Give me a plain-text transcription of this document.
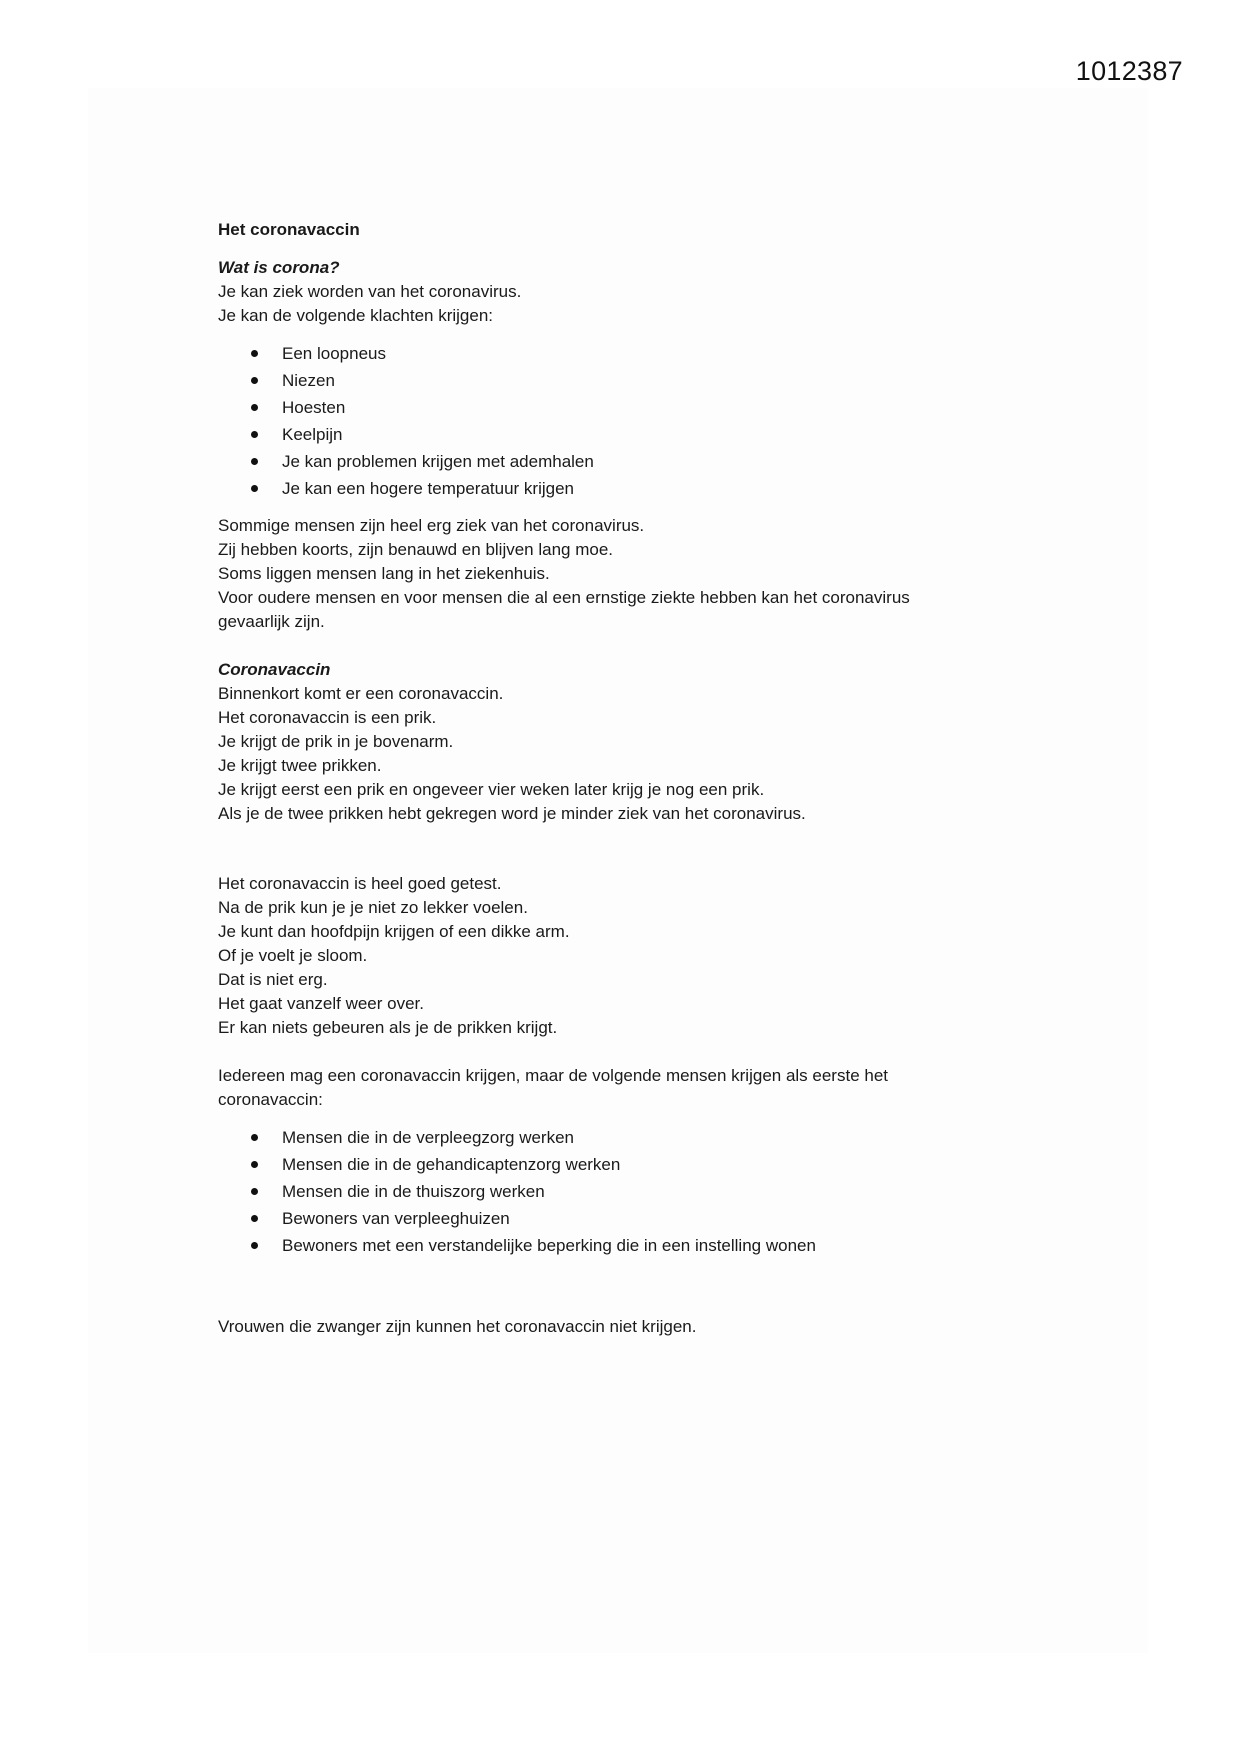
1012387

Het coronavaccin

Wat is corona?

Je kan ziek worden van het coronavirus.

Je kan de volgende klachten krijgen:

Een loopneus
Niezen
Hoesten
Keelpijn
Je kan problemen krijgen met ademhalen
Je kan een hogere temperatuur krijgen

Sommige mensen zijn heel erg ziek van het coronavirus.

Zij hebben koorts, zijn benauwd en blijven lang moe.

Soms liggen mensen lang in het ziekenhuis.

Voor oudere mensen en voor mensen die al een ernstige ziekte hebben kan het coronavirus

gevaarlijk zijn.

Coronavaccin

Binnenkort komt er een coronavaccin.

Het coronavaccin is een prik.

Je krijgt de prik in je bovenarm.

Je krijgt twee prikken.

Je krijgt eerst een prik en ongeveer vier weken later krijg je nog een prik.

Als je de twee prikken hebt gekregen word je minder ziek van het coronavirus.

Het coronavaccin is heel goed getest.

Na de prik kun je je niet zo lekker voelen.

Je kunt dan hoofdpijn krijgen of een dikke arm.

Of je voelt je sloom.

Dat is niet erg.

Het gaat vanzelf weer over.

Er kan niets gebeuren als je de prikken krijgt.

Iedereen mag een coronavaccin krijgen, maar de volgende mensen krijgen als eerste het

coronavaccin:

Mensen die in de verpleegzorg werken
Mensen die in de gehandicaptenzorg werken
Mensen die in de thuiszorg werken
Bewoners van verpleeghuizen
Bewoners met een verstandelijke beperking die in een instelling wonen

Vrouwen die zwanger zijn kunnen het coronavaccin niet krijgen.
